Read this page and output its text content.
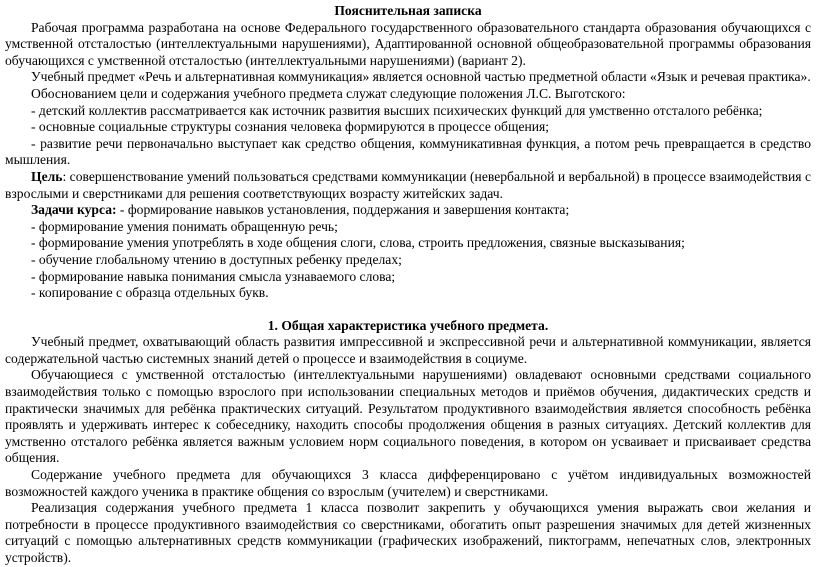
Пояснительная записка

Рабочая программа разработана на основе Федерального государственного образовательного стандарта образования обучающихся с умственной отсталостью (интеллектуальными нарушениями), Адаптированной основной общеобразовательной программы образования обучающихся с умственной отсталостью (интеллектуальными нарушениями) (вариант 2).

Учебный предмет «Речь и альтернативная коммуникация» является основной частью предметной области «Язык и речевая практика».

Обоснованием цели и содержания учебного предмета служат следующие положения Л.С. Выготского:

- детский коллектив рассматривается как источник развития высших психических функций для умственно отсталого ребёнка;

- основные социальные структуры сознания человека формируются в процессе общения;

- развитие речи первоначально выступает как средство общения, коммуникативная функция, а потом речь превращается в средство мышления.

Цель: совершенствование умений пользоваться средствами коммуникации (невербальной и вербальной) в процессе взаимодействия с взрослыми и сверстниками для решения соответствующих возрасту житейских задач.

Задачи курса: - формирование навыков установления, поддержания и завершения контакта;

- формирование умения понимать обращенную речь;

- формирование умения употреблять в ходе общения слоги, слова, строить предложения, связные высказывания;

- обучение глобальному чтению в доступных ребенку пределах;

- формирование навыка понимания смысла узнаваемого слова;

- копирование с образца отдельных букв.

1. Общая характеристика учебного предмета.

Учебный предмет, охватывающий область развития импрессивной и экспрессивной речи и альтернативной коммуникации, является содержательной частью системных знаний детей о процессе и взаимодействия в социуме.

Обучающиеся с умственной отсталостью (интеллектуальными нарушениями) овладевают основными средствами социального взаимодействия только с помощью взрослого при использовании специальных методов и приёмов обучения, дидактических средств и практически значимых для ребёнка практических ситуаций. Результатом продуктивного взаимодействия является способность ребёнка проявлять и удерживать интерес к собеседнику, находить способы продолжения общения в разных ситуациях. Детский коллектив для умственно отсталого ребёнка является важным условием норм социального поведения, в котором он усваивает и присваивает средства общения.

Содержание учебного предмета для обучающихся 3 класса дифференцировано с учётом индивидуальных возможностей возможностей каждого ученика в практике общения со взрослым (учителем) и сверстниками.

Реализация содержания учебного предмета 1 класса позволит закрепить у обучающихся умения выражать свои желания и потребности в процессе продуктивного взаимодействия со сверстниками, обогатить опыт разрешения значимых для детей жизненных ситуаций с помощью альтернативных средств коммуникации (графических изображений, пиктограмм, непечатных слов, электронных устройств).
